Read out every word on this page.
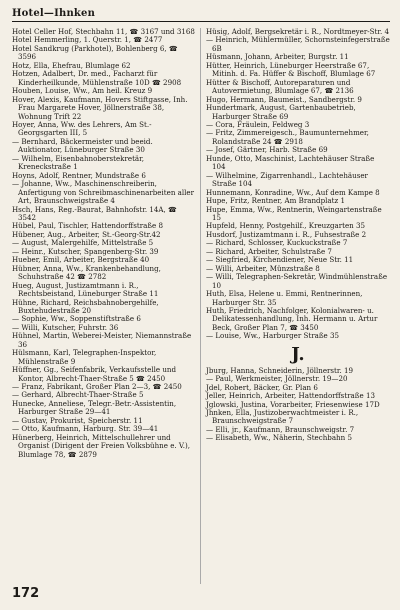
Hotel—Ihnken
Hotel Celler Hof, Stechbahn 11, ☎ 3167 und 3168
Hotel Hemmerling, 1. Querstr. 1, ☎ 2477
Hotel Sandkrug (Parkhotel), Bohlenberg 6, ☎ 3596
Hotz, Ella, Ehefrau, Blumlage 62
Hotzen, Adalbert, Dr. med., Facharzt für Kinderheilkunde, Mühlenstraße 10D ☎ 2908
Houben, Louise, Ww., Am heil. Kreuz 9
Hover, Alexis, Kaufmann, Hovers Stiftgasse, Inh. Frau Margarete Hover, Jöllnerstraße 38, Wohnung Trift 22
Hoyer, Anna, Ww. des Lehrers, Am St.-Georgsgarten III, 5
— Bernhard, Bäckermeister und beeid. Auktionator, Lüneburger Straße 30
— Wilhelm, Eisenbahnoberstekretär, Kreneckstraße 1
Hoyns, Adolf, Rentner, Mundstraße 6
— Johanne, Ww., Maschinenschreiberin, Anfertigung von Schreibmaschinenarbeiten aller Art, Braunschweigstraße 4
Hsch, Hans, Reg.-Baurat, Bahnhofstr. 14A, ☎ 3542
Hübel, Paul, Tischler, Hattendorffstraße 8
Hübener, Aug., Arbeiter, St.-Georg-Str.42
— August, Malergehilfe, Mittelstraße 5
— Heinr., Kutscher, Spangenberg-Str. 39
Hueber, Emil, Arbeiter, Bergstraße 40
Hübner, Anna, Ww., Krankenbehandlung, Schuhstraße 42 ☎ 2782
Hueg, August, Justizamtmann i. R., Rechtsbeistand, Lüneburger Straße 11
Hühne, Richard, Reichsbahnobergehilfe, Buxtehudestraße 20
— Sophie, Ww., Soppenstiftstraße 6
— Willi, Kutscher, Fuhrstr. 36
Hühnel, Martin, Weberei-Meister, Niemannstraße 36
Hülsmann, Karl, Telegraphen-Inspektor, Mühlenstraße 9
Hüffner, Gg., Seifenfabrik, Verkaufsstelle und Kontor, Albrecht-Thaer-Straße 5 ☎ 2450
— Franz, Fabrikant, Großer Plan 2—3, ☎ 2450
— Gerhard, Albrecht-Thaer-Straße 5
Hunecke, Anneliese, Telegr.-Betr.-Assistentin, Harburger Straße 29—41
— Gustav, Prokurist, Speicherstr. 11
— Otto, Kaufmann, Harburg. Str. 39—41
Hünerberg, Heinrich, Mittelschullehrer und Organist (Dirigent der Freien Volksbühne e. V.), Blumlage 78, ☎ 2879
Hüsig, Adolf, Bergsekretär i. R., Nordtmeyer-Str. 4
— Heinrich, Mühlermüller, Schornsteinfegerstraße 6B
Hüsmann, Johann, Arbeiter, Burgstr. 11
Hütter, Heinrich, Lüneburger Heerstraße 67, Mitinh. d. Fa. Hüffer & Bischoff, Blumlage 67
Hütter & Bischoff, Autoreparaturen und Autovermietung, Blumlage 67, ☎ 2136
Hugo, Hermann, Baumeist., Sandbergstr. 9
Hundertmark, August, Gartenbaubetrieb, Harburger Straße 69
— Cora, Fräulein, Feldweg 3
— Fritz, Zimmereigesch., Baumunternehmer, Rolandstraße 24 ☎ 2918
— Josef, Gärtner, Harb. Straße 69
Hunde, Otto, Maschinist, Lachtehäuser Straße 104
— Wilhelmine, Zigarrenhandl., Lachtehäuser Straße 104
Hunnemann, Konradine, Ww., Auf dem Kampe 8
Hupe, Fritz, Rentner, Am Brandplatz 1
Hupe, Emma, Ww., Rentnerin, Weingartenstraße 15
Hupfeld, Henny, Postgehilf., Kreuzgarten 35
Husdorf, Justizamtmann i. R., Fuhsestraße 2
— Richard, Schlosser, Kuckuckstraße 7
— Richard, Arbeiter, Schulstraße 7
— Siegfried, Kirchendiener, Neue Str. 11
— Willi, Arbeiter, Münzstraße 8
— Willi, Telegraphen-Sekretär, Windmühlenstraße 10
Huth, Elsa, Helene u. Emmi, Rentnerinnen, Harburger Str. 35
Huth, Friedrich, Nachfolger, Kolonialwaren- u. Delikatessenhandlung, Inh. Hermann u. Artur Beck, Großer Plan 7, ☎ 3450
— Louise, Ww., Harburger Straße 35
J.
Jburg, Hanna, Schneiderin, Jöllnerstr. 19
— Paul, Werkmeister, Jöllnerstr. 19—20
Jdel, Robert, Bäcker, Gr. Plan 6
Jeller, Heinrich, Arbeiter, Hattendorffstraße 13
Jglowski, Justina, Vorarbeiter, Friesenwiese 17D
Jhnken, Ella, Justizoberwachtmeister i. R., Braunschweigstraße 7
— Elli, jr., Kaufmann, Braunschweigstr. 7
— Elisabeth, Ww., Näherin, Stechbahn 5
172
